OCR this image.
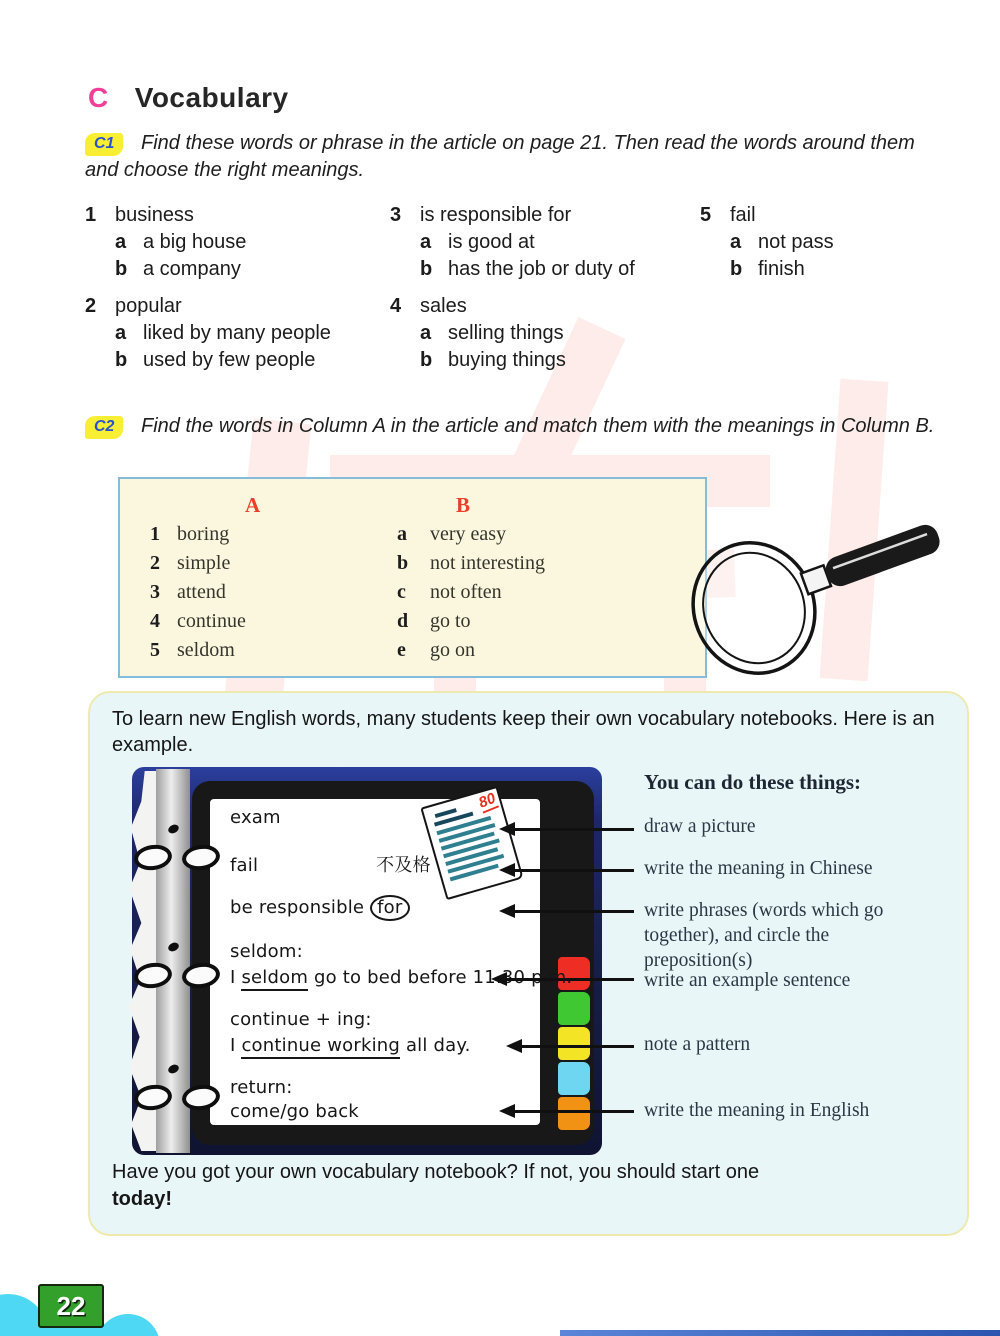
C Vocabulary
C1 Find these words or phrase in the article on page 21. Then read the words around them and choose the right meanings.
1 business
a a big house
b a company
2 popular
a liked by many people
b used by few people
3 is responsible for
a is good at
b has the job or duty of
4 sales
a selling things
b buying things
5 fail
a not pass
b finish
C2 Find the words in Column A in the article and match them with the meanings in Column B.
A	B
1 boring	a very easy
2 simple	b not interesting
3 attend	c not often
4 continue	d go to
5 seldom	e go on
To learn new English words, many students keep their own vocabulary notebooks. Here is an example.
80
exam
fail	不及格
be responsible for
seldom:
I seldom go to bed before 11.30 p.m.
continue + ing:
I continue working all day.
return:
come/go back
You can do these things:
draw a picture
write the meaning in Chinese
write phrases (words which go together), and circle the preposition(s)
write an example sentence
note a pattern
write the meaning in English
Have you got your own vocabulary notebook? If not, you should start one
today!
22
